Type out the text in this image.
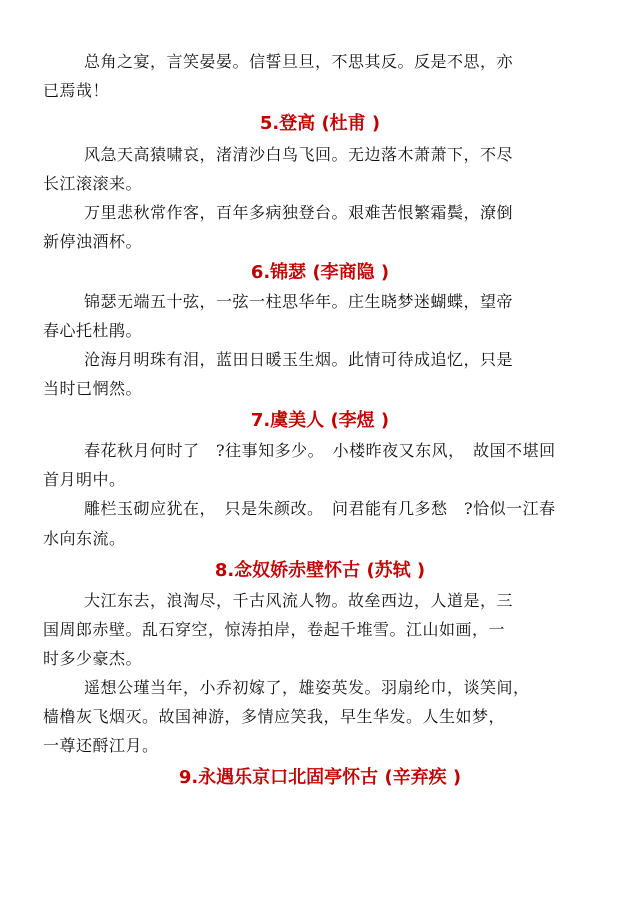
总角之宴，言笑晏晏。信誓旦旦，不思其反。反是不思，亦
已焉哉！
5.登高 (杜甫 )
风急天高猿啸哀，渚清沙白鸟飞回。无边落木萧萧下，不尽
长江滚滚来。
万里悲秋常作客，百年多病独登台。艰难苦恨繁霜鬓，潦倒
新停浊酒杯。
6.锦瑟 (李商隐 )
锦瑟无端五十弦，一弦一柱思华年。庄生晓梦迷蝴蝶，望帝
春心托杜鹃。
沧海月明珠有泪，蓝田日暖玉生烟。此情可待成追忆，只是
当时已惘然。
7.虞美人 (李煜 )
春花秋月何时了　?往事知多少。　小楼昨夜又东风，　故国不堪回
首月明中。
雕栏玉砌应犹在，　只是朱颜改。　问君能有几多愁　?恰似一江春
水向东流。
8.念奴娇赤壁怀古 (苏轼 )
大江东去，浪淘尽，千古风流人物。故垒西边，人道是，三
国周郎赤壁。乱石穿空，惊涛拍岸，卷起千堆雪。江山如画，一
时多少豪杰。
遥想公瑾当年，小乔初嫁了，雄姿英发。羽扇纶巾，谈笑间，
樯橹灰飞烟灭。故国神游，多情应笑我，早生华发。人生如梦，
一尊还酹江月。
9.永遇乐京口北固亭怀古 (辛弃疾 )
